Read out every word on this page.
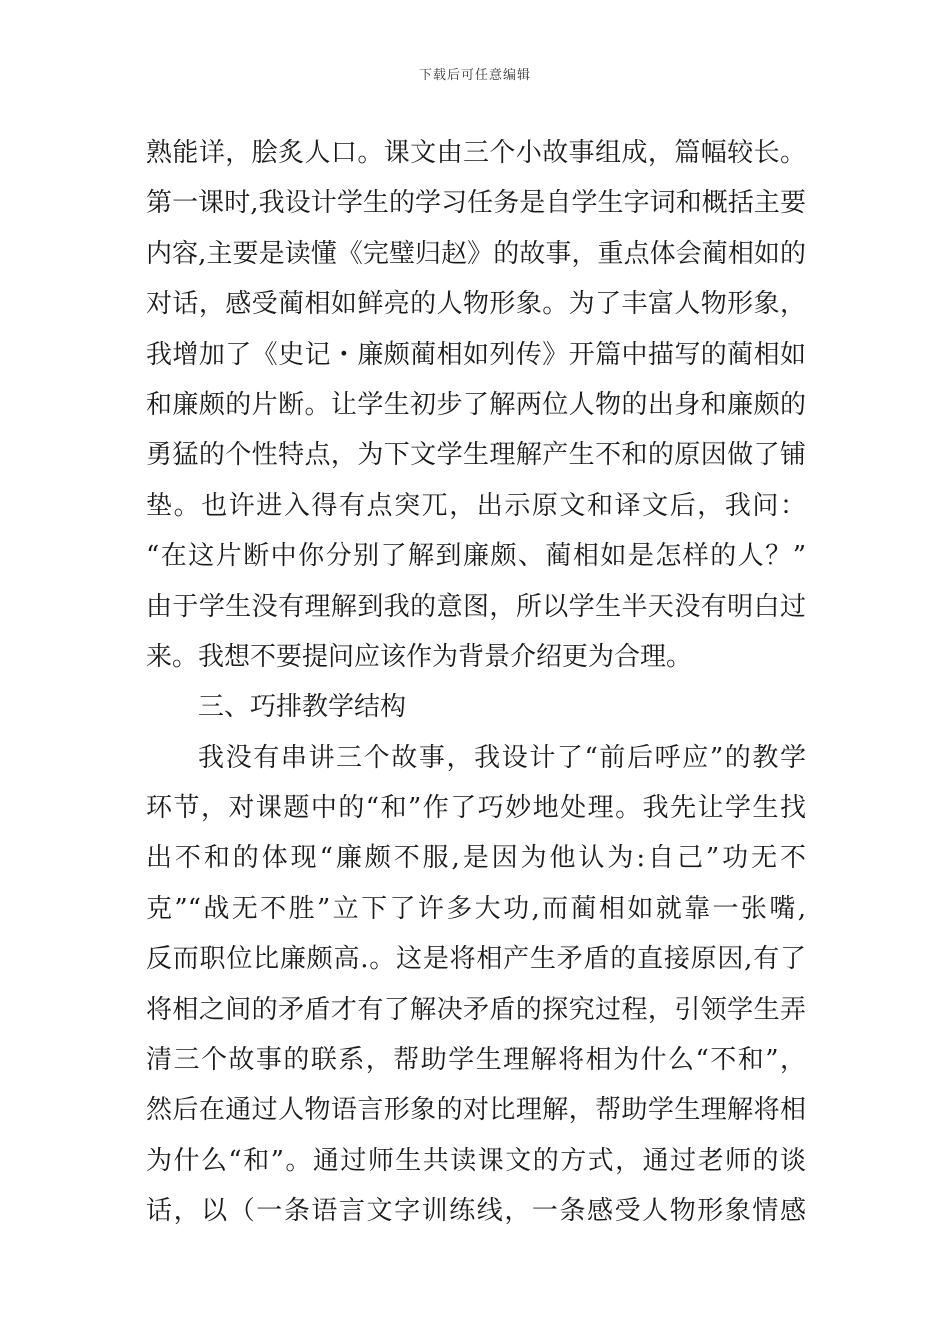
下载后可任意编辑
熟能详，脍炙人口。课文由三个小故事组成，篇幅较长。
第一课时,我设计学生的学习任务是自学生字词和概括主要
内容,主要是读懂《完璧归赵》的故事，重点体会蔺相如的
对话，感受蔺相如鲜亮的人物形象。为了丰富人物形象，
我增加了《史记・廉颇蔺相如列传》开篇中描写的蔺相如
和廉颇的片断。让学生初步了解两位人物的出身和廉颇的
勇猛的个性特点，为下文学生理解产生不和的原因做了铺
垫。也许进入得有点突兀，出示原文和译文后，我问：
“在这片断中你分别了解到廉颇、蔺相如是怎样的人？”
由于学生没有理解到我的意图，所以学生半天没有明白过
来。我想不要提问应该作为背景介绍更为合理。
三、巧排教学结构
我没有串讲三个故事，我设计了“前后呼应”的教学
环节，对课题中的“和”作了巧妙地处理。我先让学生找
出不和的体现“廉颇不服,是因为他认为:自己”功无不
克”“战无不胜”立下了许多大功,而蔺相如就靠一张嘴,
反而职位比廉颇高.。这是将相产生矛盾的直接原因,有了
将相之间的矛盾才有了解决矛盾的探究过程，引领学生弄
清三个故事的联系，帮助学生理解将相为什么“不和”，
然后在通过人物语言形象的对比理解，帮助学生理解将相
为什么“和”。通过师生共读课文的方式，通过老师的谈
话，以（一条语言文字训练线，一条感受人物形象情感
